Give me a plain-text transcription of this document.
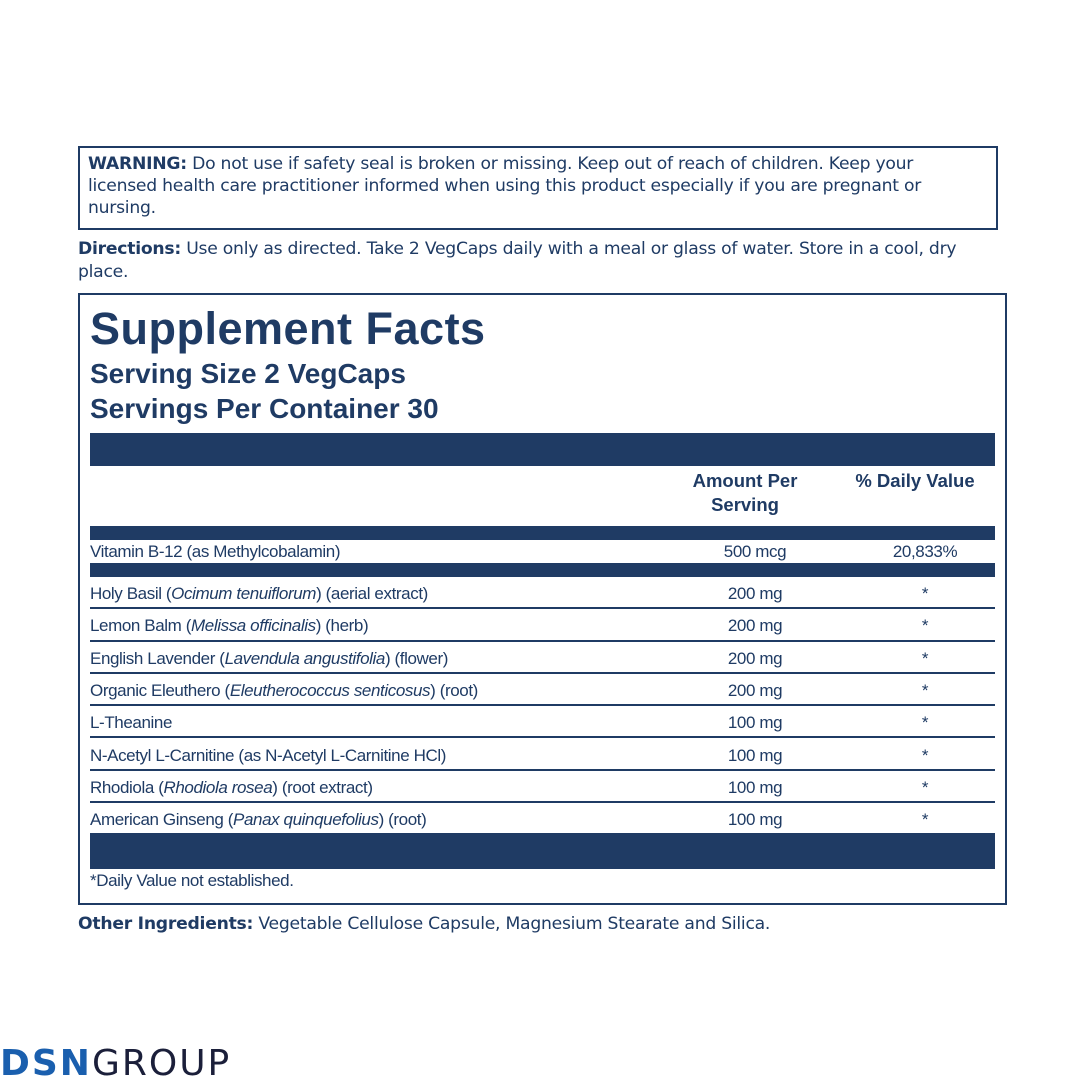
WARNING: Do not use if safety seal is broken or missing. Keep out of reach of children. Keep your licensed health care practitioner informed when using this product especially if you are pregnant or nursing.
Directions: Use only as directed. Take 2 VegCaps daily with a meal or glass of water. Store in a cool, dry place.
Supplement Facts
Serving Size 2 VegCaps
Servings Per Container 30
Amount Per Serving
% Daily Value
Vitamin B-12 (as Methylcobalamin)	500 mcg	20,833%
Holy Basil (Ocimum tenuiflorum) (aerial extract)	200 mg	*
Lemon Balm (Melissa officinalis) (herb)	200 mg	*
English Lavender (Lavendula angustifolia) (flower)	200 mg	*
Organic Eleuthero (Eleutherococcus senticosus) (root)	200 mg	*
L-Theanine	100 mg	*
N-Acetyl L-Carnitine (as N-Acetyl L-Carnitine HCl)	100 mg	*
Rhodiola (Rhodiola rosea) (root extract)	100 mg	*
American Ginseng (Panax quinquefolius) (root)	100 mg	*
*Daily Value not established.
Other Ingredients: Vegetable Cellulose Capsule, Magnesium Stearate and Silica.
DSNGROUP
